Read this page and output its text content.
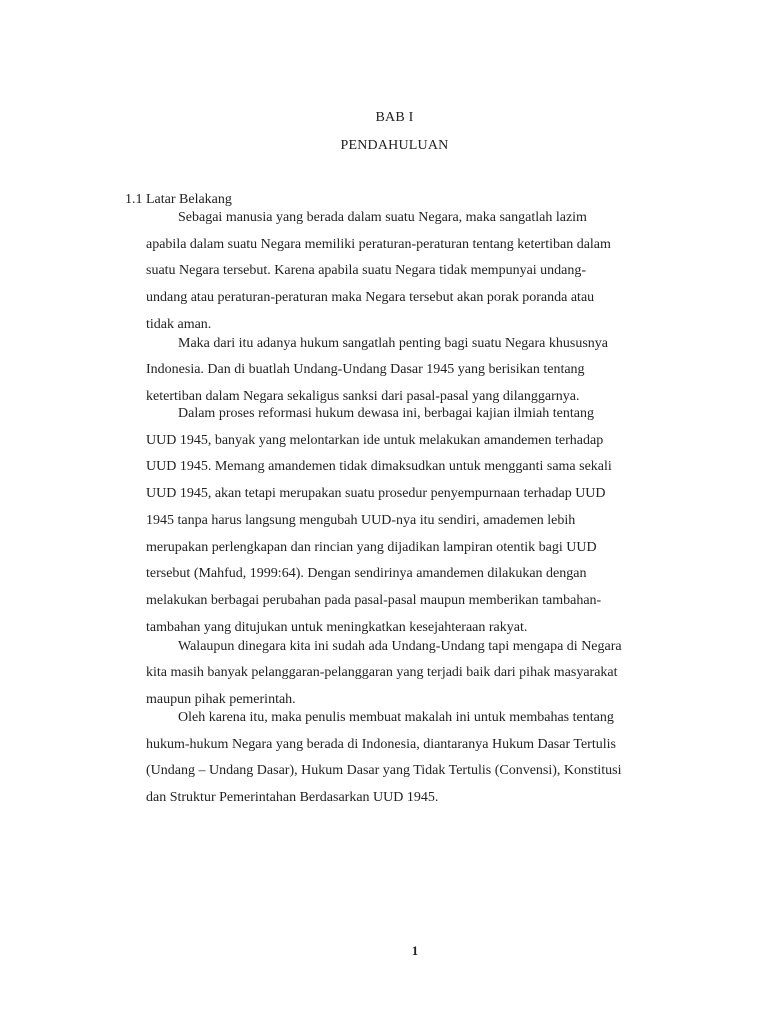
BAB I
PENDAHULUAN
1.1 Latar Belakang
Sebagai manusia yang berada dalam suatu Negara, maka sangatlah lazim
apabila dalam suatu Negara memiliki peraturan-peraturan tentang ketertiban dalam
suatu Negara tersebut. Karena apabila suatu Negara tidak mempunyai undang-
undang atau peraturan-peraturan maka Negara tersebut akan porak poranda atau
tidak aman.
Maka dari itu adanya hukum sangatlah penting bagi suatu Negara khususnya
Indonesia. Dan di buatlah Undang-Undang Dasar 1945 yang berisikan tentang
ketertiban dalam Negara sekaligus sanksi dari pasal-pasal yang dilanggarnya.
Dalam proses reformasi hukum dewasa ini, berbagai kajian ilmiah tentang
UUD 1945, banyak yang melontarkan ide untuk melakukan amandemen terhadap
UUD 1945. Memang amandemen tidak dimaksudkan untuk mengganti sama sekali
UUD 1945, akan tetapi merupakan suatu prosedur penyempurnaan terhadap UUD
1945 tanpa harus langsung mengubah UUD-nya itu sendiri, amademen lebih
merupakan perlengkapan dan rincian yang dijadikan lampiran otentik bagi UUD
tersebut (Mahfud, 1999:64). Dengan sendirinya amandemen dilakukan dengan
melakukan berbagai perubahan pada pasal-pasal maupun memberikan tambahan-
tambahan yang ditujukan untuk meningkatkan kesejahteraan rakyat.
Walaupun dinegara kita ini sudah ada Undang-Undang tapi mengapa di Negara
kita masih banyak pelanggaran-pelanggaran yang terjadi baik dari pihak masyarakat
maupun pihak pemerintah.
Oleh karena itu, maka penulis membuat makalah ini untuk membahas tentang
hukum-hukum Negara yang berada di Indonesia, diantaranya Hukum Dasar Tertulis
(Undang – Undang Dasar), Hukum Dasar yang Tidak Tertulis (Convensi), Konstitusi
dan Struktur Pemerintahan Berdasarkan UUD 1945.
1
